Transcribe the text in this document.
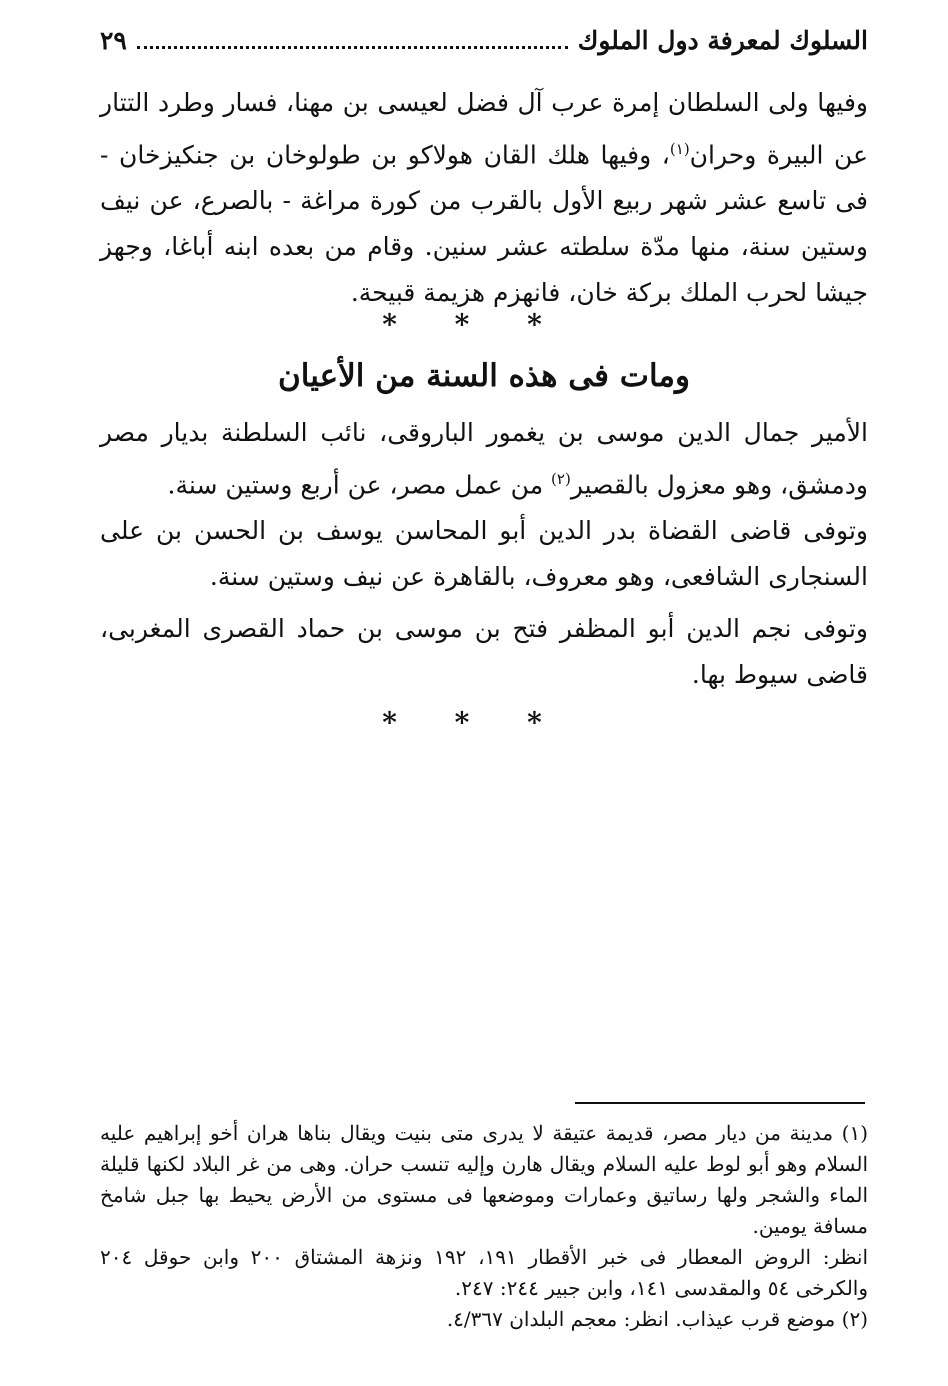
السلوك لمعرفة دول الملوك
٢٩

وفيها ولى السلطان إمرة عرب آل فضل لعيسى بن مهنا، فسار وطرد التتار عن البيرة وحران$^{(١)}$، وفيها هلك القان هولاكو بن طولوخان بن جنكيزخان - فى تاسع عشر شهر ربيع الأول بالقرب من كورة مراغة - بالصرع، عن نيف وستين سنة، منها مدّة سلطته عشر سنين. وقام من بعده ابنه أباغا، وجهز جيشا لحرب الملك بركة خان، فانهزم هزيمة قبيحة.

* * *
ومات فى هذه السنة من الأعيان

الأمير جمال الدين موسى بن يغمور الباروقى، نائب السلطنة بديار مصر ودمشق، وهو معزول بالقصير$^{(٢)}$ من عمل مصر، عن أربع وستين سنة.

وتوفى قاضى القضاة بدر الدين أبو المحاسن يوسف بن الحسن بن على السنجارى الشافعى، وهو معروف، بالقاهرة عن نيف وستين سنة.

وتوفى نجم الدين أبو المظفر فتح بن موسى بن حماد القصرى المغربى، قاضى سيوط بها.

* * *

(١) مدينة من ديار مصر، قديمة عتيقة لا يدرى متى بنيت ويقال بناها هران أخو إبراهيم عليه السلام وهو أبو لوط عليه السلام ويقال هارن وإليه تنسب حران. وهى من غر البلاد لكنها قليلة الماء والشجر ولها رساتيق وعمارات وموضعها فى مستوى من الأرض يحيط بها جبل شامخ مسافة يومين.

انظر: الروض المعطار فى خبر الأقطار ١٩١، ١٩٢ ونزهة المشتاق ٢٠٠ وابن حوقل ٢٠٤ والكرخى ٥٤ والمقدسى ١٤١، وابن جبير ٢٤٤: ٢٤٧.

(٢) موضع قرب عيذاب. انظر: معجم البلدان ٤/٣٦٧.
